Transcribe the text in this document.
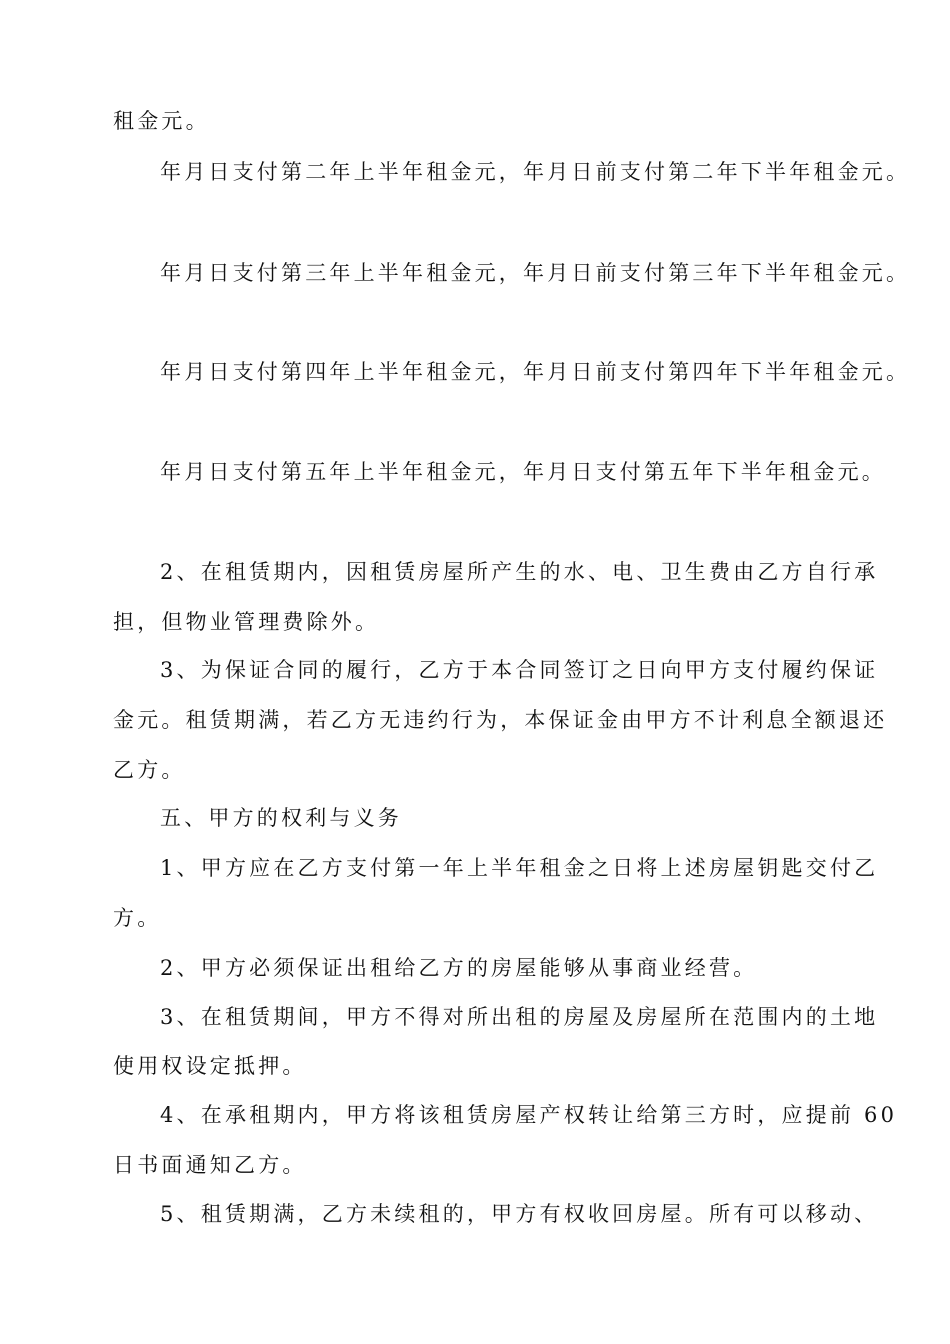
租金元。
年月日支付第二年上半年租金元，年月日前支付第二年下半年租金元。
年月日支付第三年上半年租金元，年月日前支付第三年下半年租金元。
年月日支付第四年上半年租金元，年月日前支付第四年下半年租金元。
年月日支付第五年上半年租金元，年月日支付第五年下半年租金元。
2、在租赁期内，因租赁房屋所产生的水、电、卫生费由乙方自行承
担，但物业管理费除外。
3、为保证合同的履行，乙方于本合同签订之日向甲方支付履约保证
金元。租赁期满，若乙方无违约行为，本保证金由甲方不计利息全额退还
乙方。
五、甲方的权利与义务
1、甲方应在乙方支付第一年上半年租金之日将上述房屋钥匙交付乙
方。
2、甲方必须保证出租给乙方的房屋能够从事商业经营。
3、在租赁期间，甲方不得对所出租的房屋及房屋所在范围内的土地
使用权设定抵押。
4、在承租期内，甲方将该租赁房屋产权转让给第三方时，应提前 60
日书面通知乙方。
5、租赁期满，乙方未续租的，甲方有权收回房屋。所有可以移动、
